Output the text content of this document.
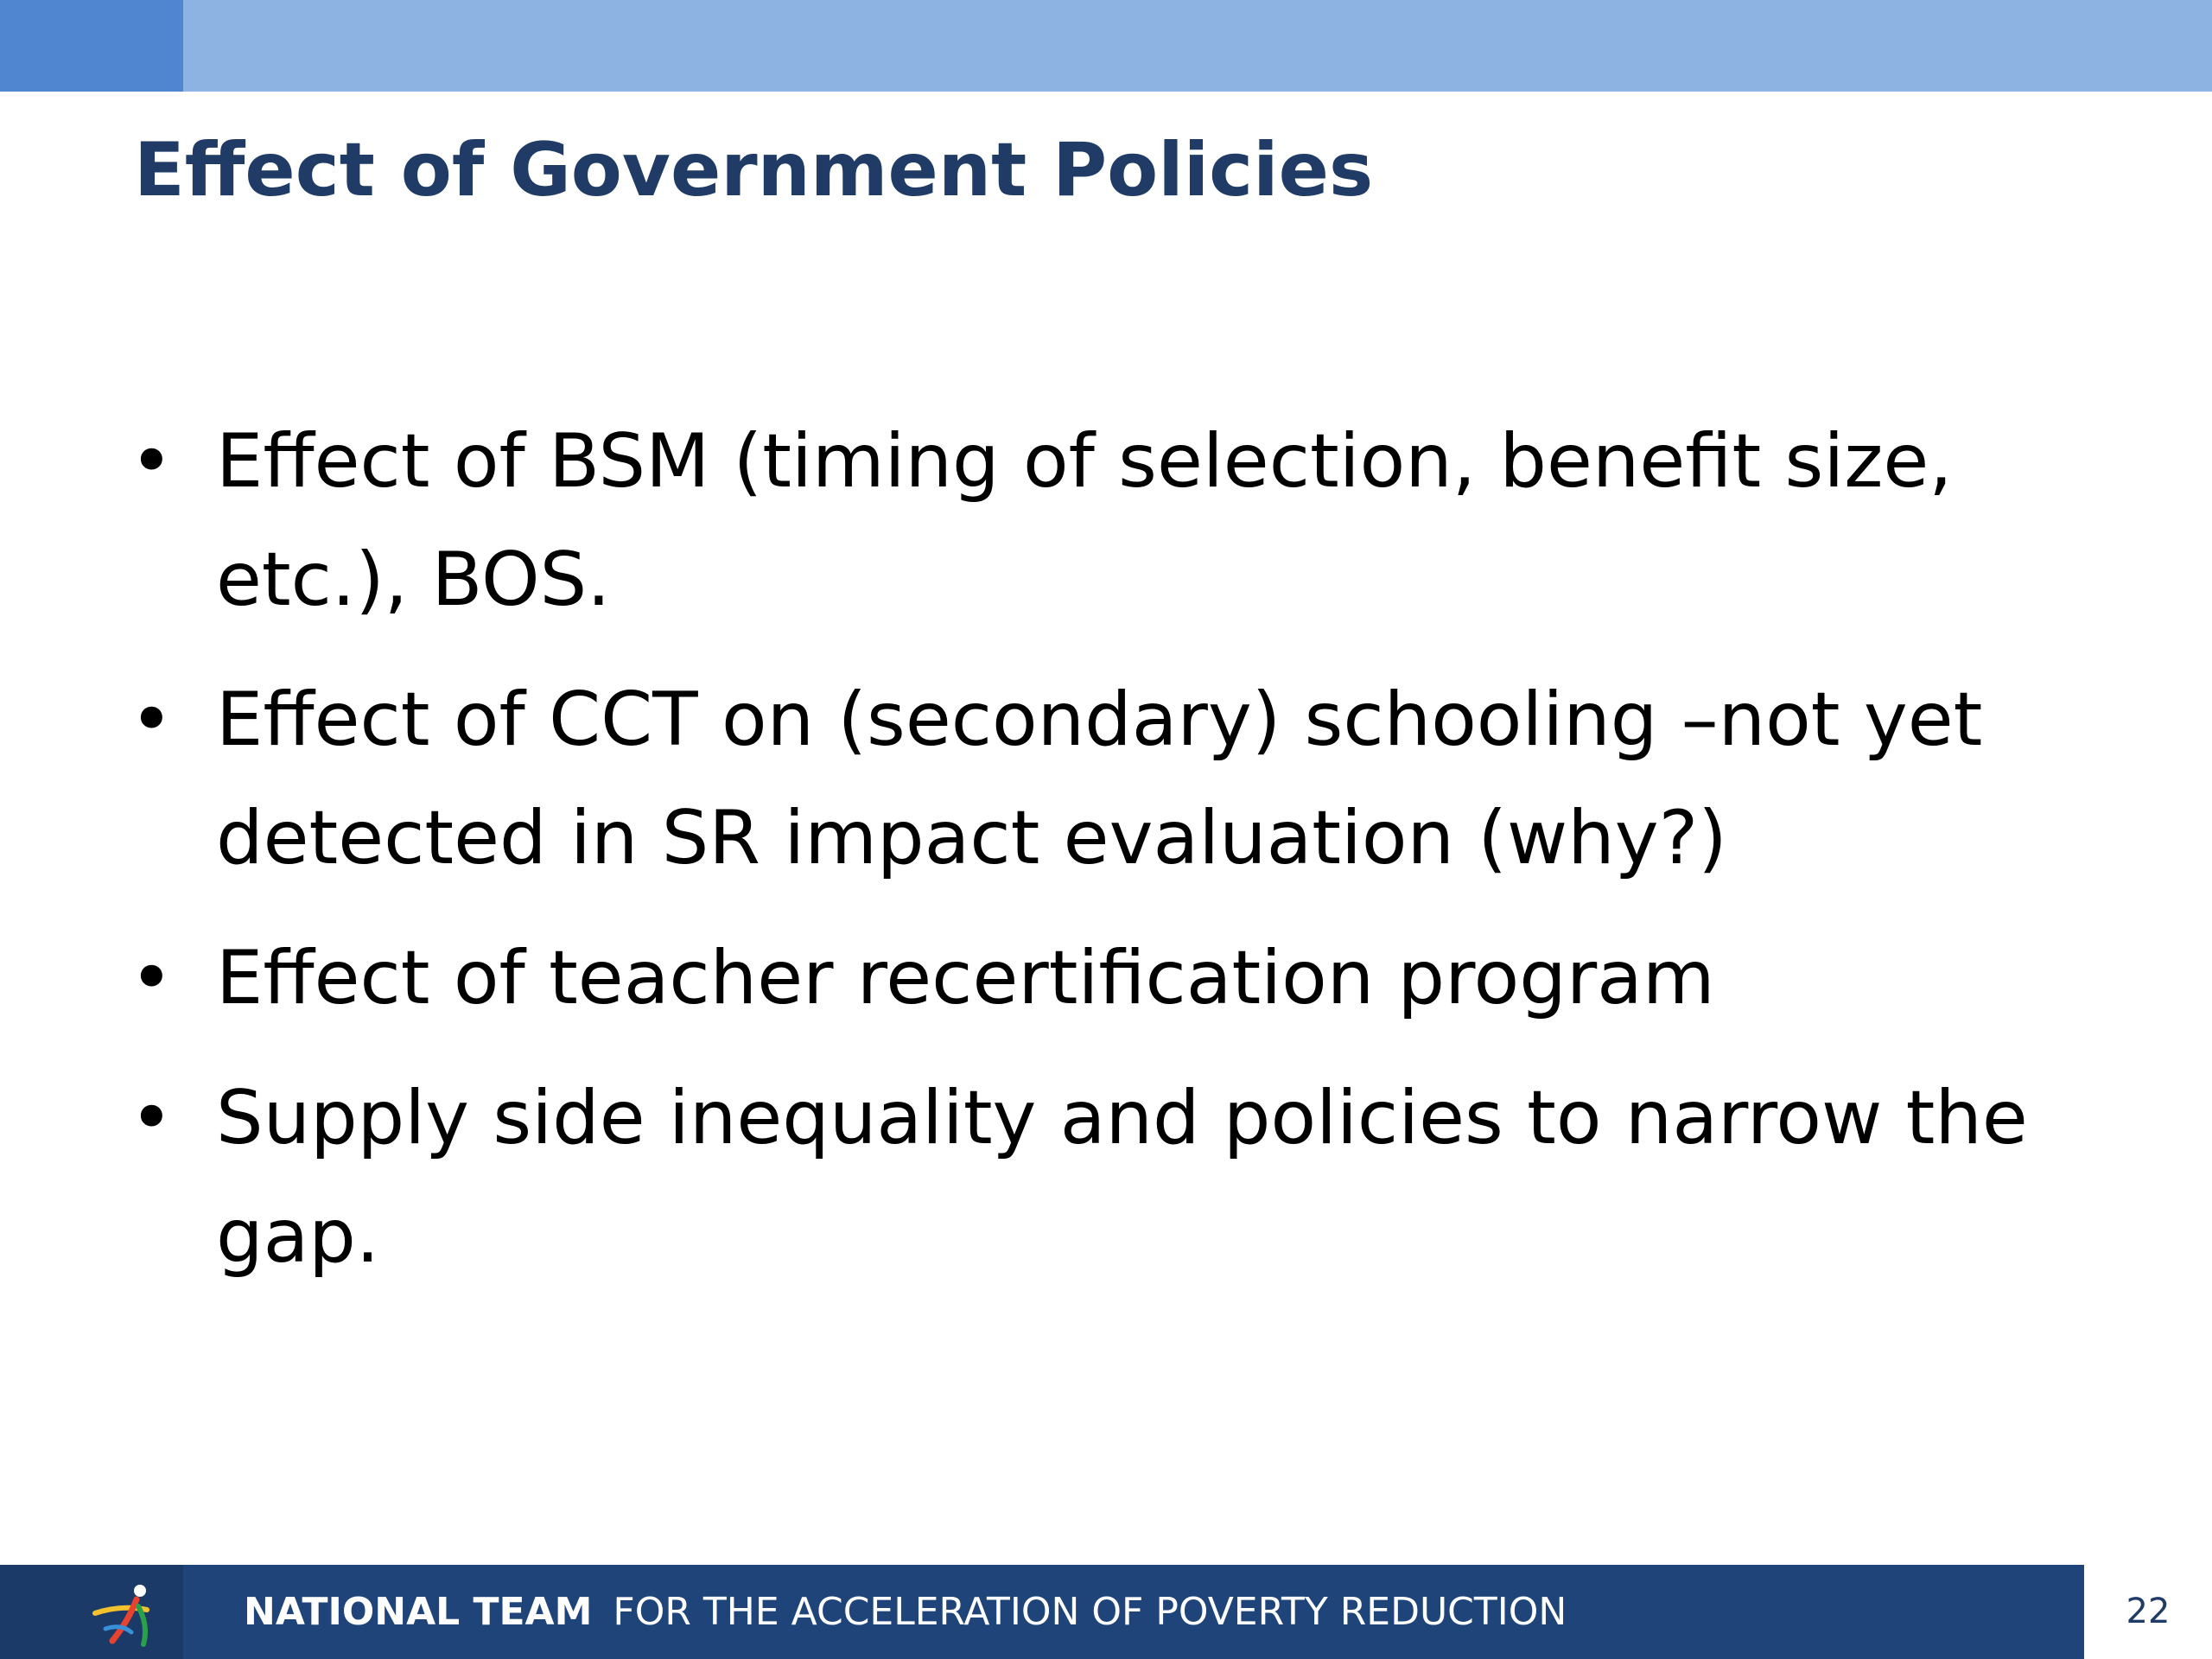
Effect of Government Policies
• Effect of BSM (timing of selection, benefit size, etc.), BOS.
• Effect of CCT on (secondary) schooling –not yet detected in SR impact evaluation (why?)
• Effect of teacher recertification program
• Supply side inequality and policies to narrow the gap.
NATIONAL TEAM FOR THE ACCELERATION OF POVERTY REDUCTION	22
